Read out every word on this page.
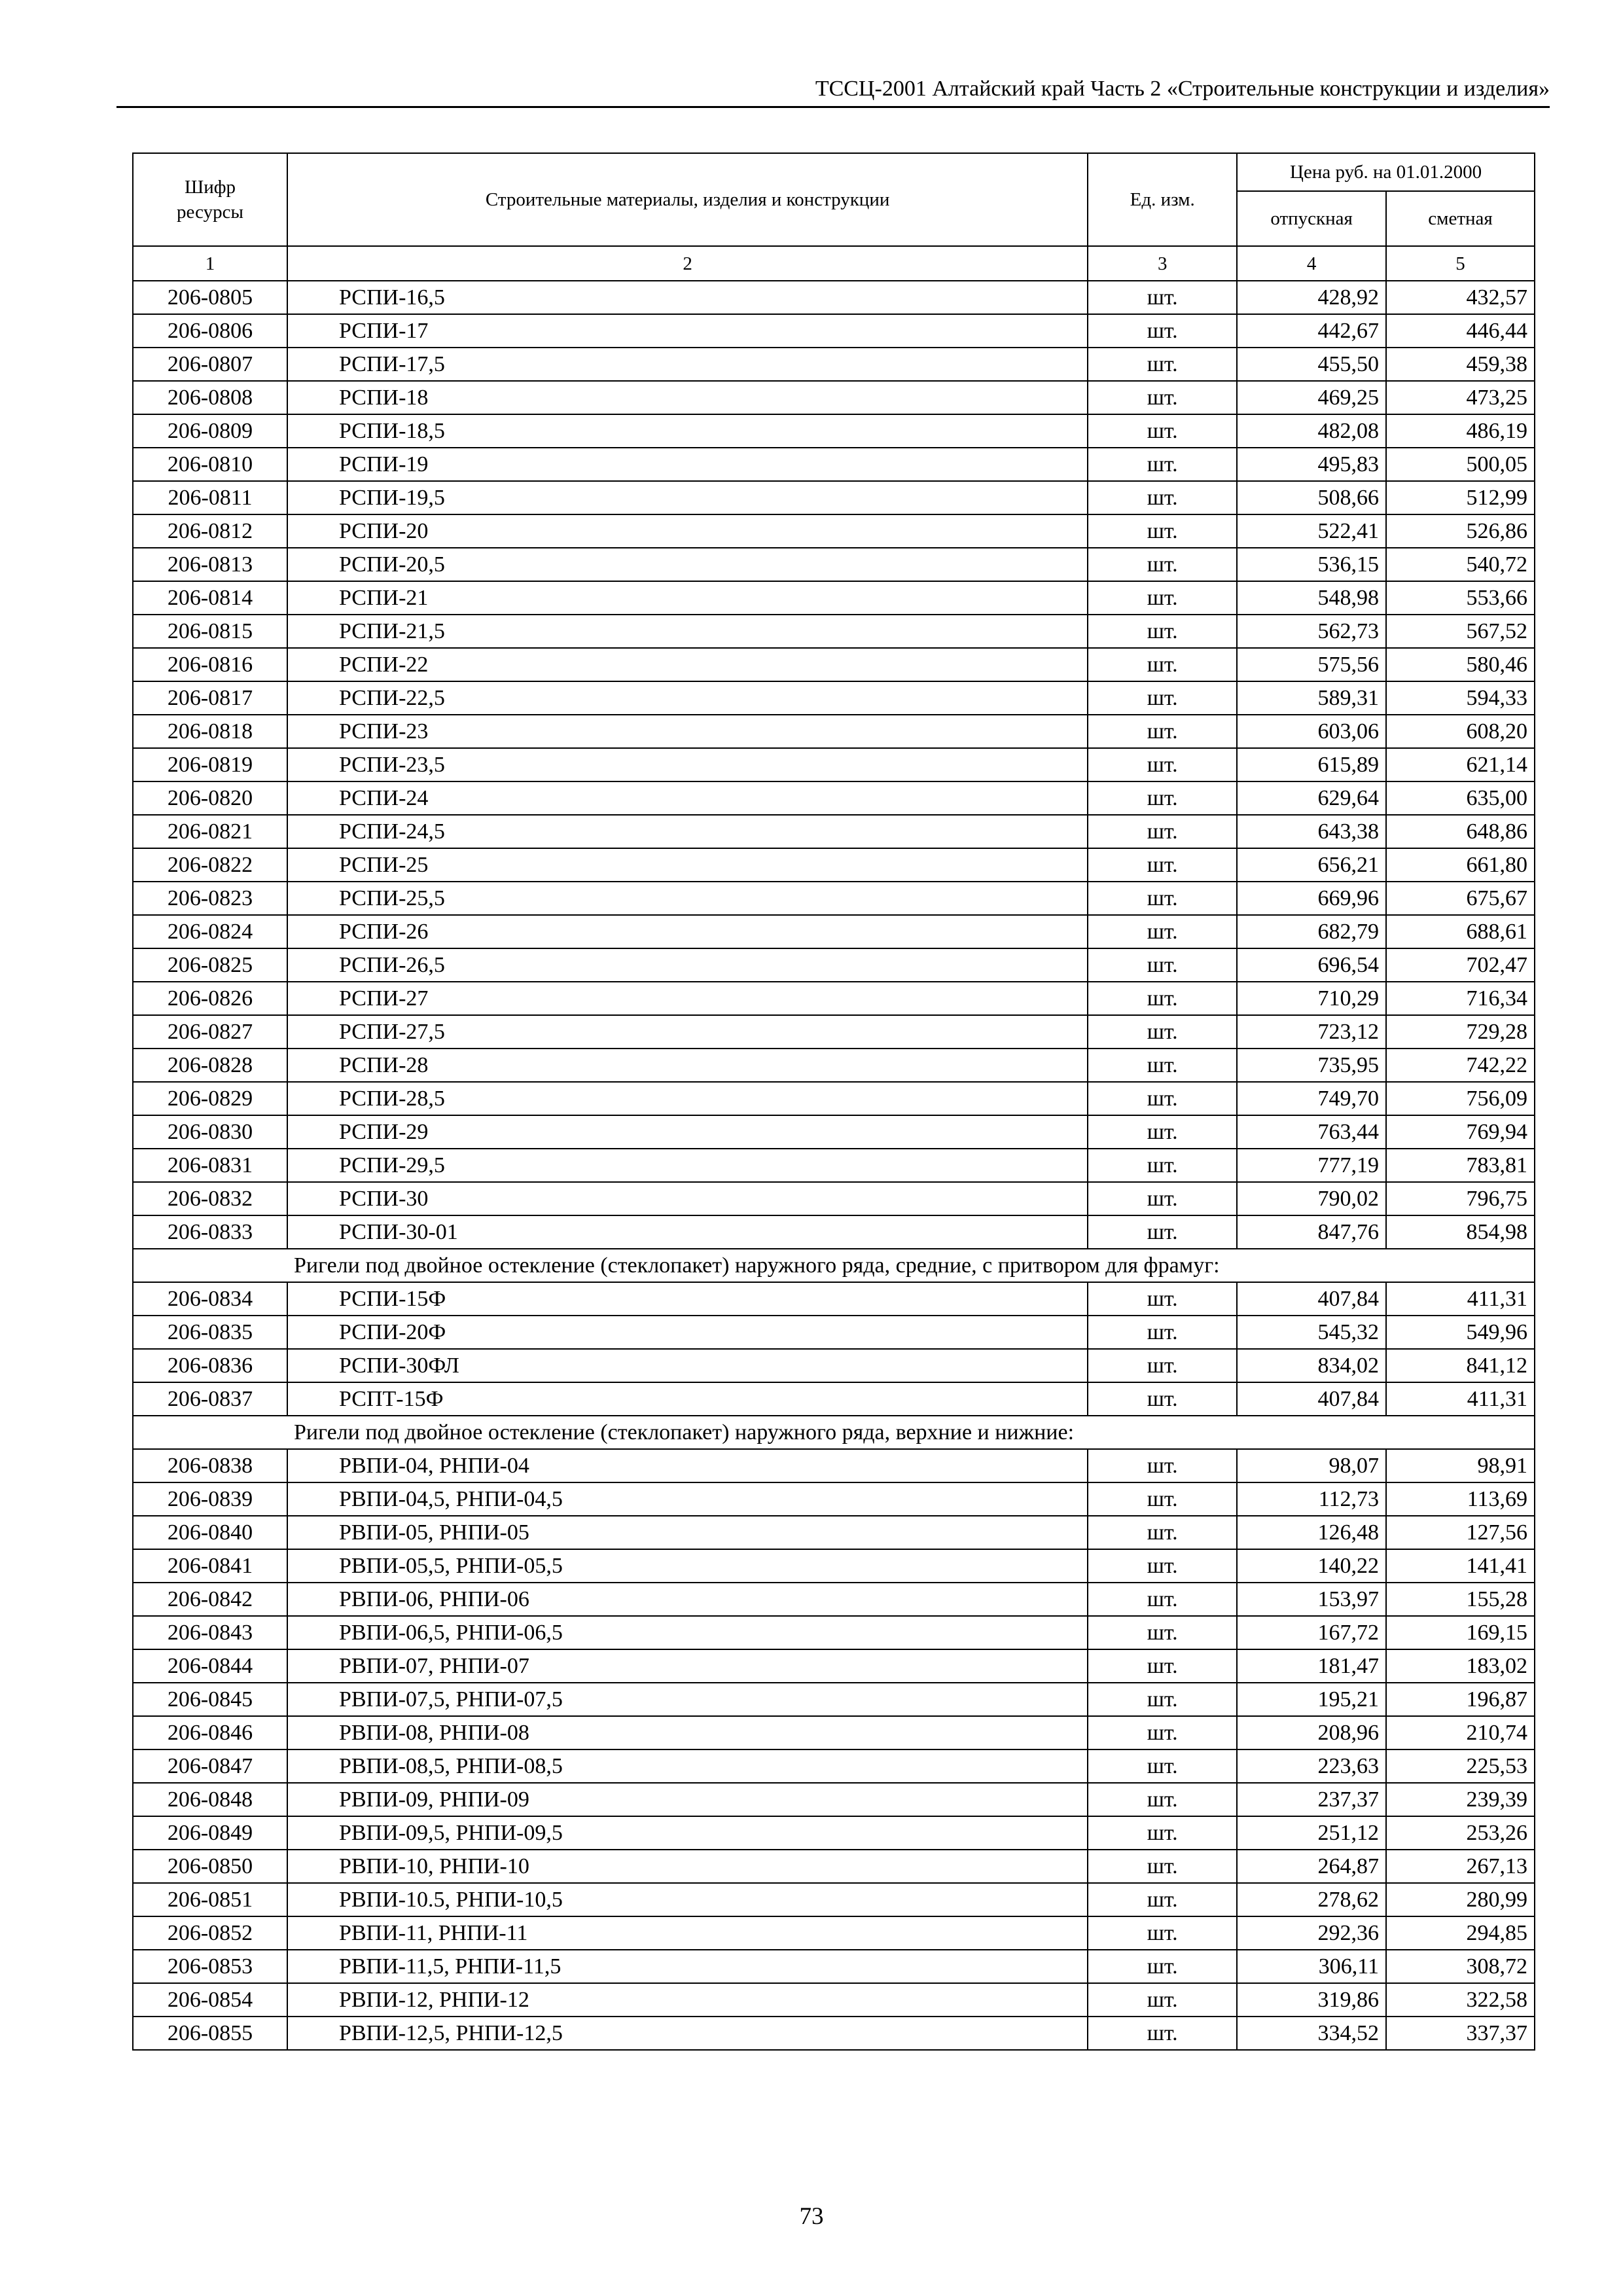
ТССЦ-2001 Алтайский край Часть 2 «Строительные конструкции и изделия»
Шифр ресурсы	Строительные материалы, изделия и конструкции	Ед. изм.	Цена руб. на 01.01.2000	
			отпускная	сметная
1	2	3	4	5
206-0805	РСПИ-16,5	шт.	428,92	432,57
206-0806	РСПИ-17	шт.	442,67	446,44
206-0807	РСПИ-17,5	шт.	455,50	459,38
206-0808	РСПИ-18	шт.	469,25	473,25
206-0809	РСПИ-18,5	шт.	482,08	486,19
206-0810	РСПИ-19	шт.	495,83	500,05
206-0811	РСПИ-19,5	шт.	508,66	512,99
206-0812	РСПИ-20	шт.	522,41	526,86
206-0813	РСПИ-20,5	шт.	536,15	540,72
206-0814	РСПИ-21	шт.	548,98	553,66
206-0815	РСПИ-21,5	шт.	562,73	567,52
206-0816	РСПИ-22	шт.	575,56	580,46
206-0817	РСПИ-22,5	шт.	589,31	594,33
206-0818	РСПИ-23	шт.	603,06	608,20
206-0819	РСПИ-23,5	шт.	615,89	621,14
206-0820	РСПИ-24	шт.	629,64	635,00
206-0821	РСПИ-24,5	шт.	643,38	648,86
206-0822	РСПИ-25	шт.	656,21	661,80
206-0823	РСПИ-25,5	шт.	669,96	675,67
206-0824	РСПИ-26	шт.	682,79	688,61
206-0825	РСПИ-26,5	шт.	696,54	702,47
206-0826	РСПИ-27	шт.	710,29	716,34
206-0827	РСПИ-27,5	шт.	723,12	729,28
206-0828	РСПИ-28	шт.	735,95	742,22
206-0829	РСПИ-28,5	шт.	749,70	756,09
206-0830	РСПИ-29	шт.	763,44	769,94
206-0831	РСПИ-29,5	шт.	777,19	783,81
206-0832	РСПИ-30	шт.	790,02	796,75
206-0833	РСПИ-30-01	шт.	847,76	854,98
Ригели под двойное остекление (стеклопакет) наружного ряда, средние, с притвором для фрамуг:				
206-0834	РСПИ-15Ф	шт.	407,84	411,31
206-0835	РСПИ-20Ф	шт.	545,32	549,96
206-0836	РСПИ-30ФЛ	шт.	834,02	841,12
206-0837	РСПТ-15Ф	шт.	407,84	411,31
Ригели под двойное остекление (стеклопакет) наружного ряда, верхние и нижние:				
206-0838	РВПИ-04, РНПИ-04	шт.	98,07	98,91
206-0839	РВПИ-04,5, РНПИ-04,5	шт.	112,73	113,69
206-0840	РВПИ-05, РНПИ-05	шт.	126,48	127,56
206-0841	РВПИ-05,5, РНПИ-05,5	шт.	140,22	141,41
206-0842	РВПИ-06, РНПИ-06	шт.	153,97	155,28
206-0843	РВПИ-06,5, РНПИ-06,5	шт.	167,72	169,15
206-0844	РВПИ-07, РНПИ-07	шт.	181,47	183,02
206-0845	РВПИ-07,5, РНПИ-07,5	шт.	195,21	196,87
206-0846	РВПИ-08, РНПИ-08	шт.	208,96	210,74
206-0847	РВПИ-08,5, РНПИ-08,5	шт.	223,63	225,53
206-0848	РВПИ-09, РНПИ-09	шт.	237,37	239,39
206-0849	РВПИ-09,5, РНПИ-09,5	шт.	251,12	253,26
206-0850	РВПИ-10, РНПИ-10	шт.	264,87	267,13
206-0851	РВПИ-10.5, РНПИ-10,5	шт.	278,62	280,99
206-0852	РВПИ-11, РНПИ-11	шт.	292,36	294,85
206-0853	РВПИ-11,5, РНПИ-11,5	шт.	306,11	308,72
206-0854	РВПИ-12, РНПИ-12	шт.	319,86	322,58
206-0855	РВПИ-12,5, РНПИ-12,5	шт.	334,52	337,37
73
